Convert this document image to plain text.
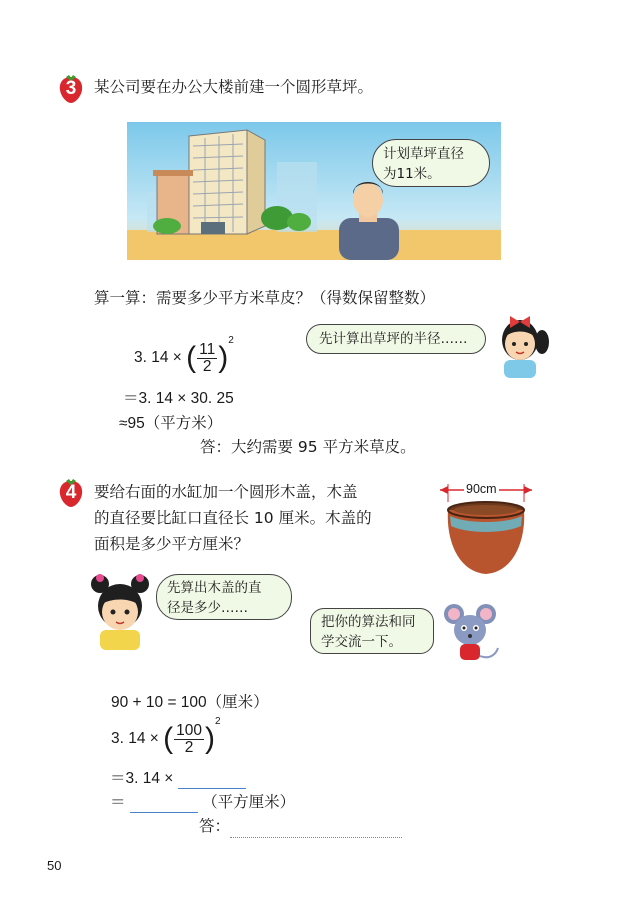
3	某公司要在办公大楼前建一个圆形草坪。
计划草坪直径
为11米。
算一算：需要多少平方米草皮？（得数保留整数）
先计算出草坪的半径……
3. 14 × ( $\frac{11}{2} )^2$
＝3. 14 × 30. 25
≈95（平方米）
答：大约需要 95 平方米草皮。
4	要给右面的水缸加一个圆形木盖，木盖
的直径要比缸口直径长 10 厘米。木盖的
面积是多少平方厘米？
90cm
先算出木盖的直
径是多少……
把你的算法和同
学交流一下。
90 + 10 = 100（厘米）
3. 14 × ( $\frac{100}{2} )^2$
＝3. 14 ×
＝	（平方厘米）
答：
50
